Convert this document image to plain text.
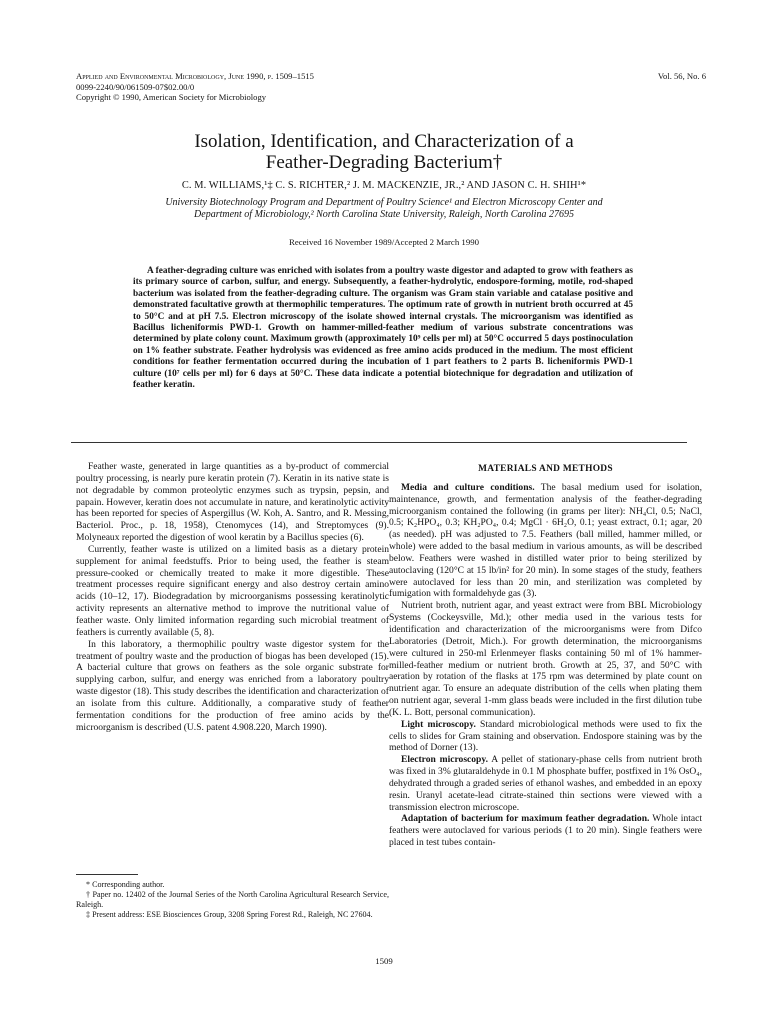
Applied and Environmental Microbiology, June 1990, p. 1509–1515
0099-2240/90/061509-07$02.00/0
Copyright © 1990, American Society for Microbiology
Vol. 56, No. 6
Isolation, Identification, and Characterization of a
Feather-Degrading Bacterium†
C. M. WILLIAMS,¹‡ C. S. RICHTER,² J. M. MACKENZIE, JR.,² AND JASON C. H. SHIH¹*
University Biotechnology Program and Department of Poultry Science¹ and Electron Microscopy Center and
Department of Microbiology,² North Carolina State University, Raleigh, North Carolina 27695
Received 16 November 1989/Accepted 2 March 1990

A feather-degrading culture was enriched with isolates from a poultry waste digestor and adapted to grow with feathers as its primary source of carbon, sulfur, and energy. Subsequently, a feather-hydrolytic, endospore-forming, motile, rod-shaped bacterium was isolated from the feather-degrading culture. The organism was Gram stain variable and catalase positive and demonstrated facultative growth at thermophilic temperatures. The optimum rate of growth in nutrient broth occurred at 45 to 50°C and at pH 7.5. Electron microscopy of the isolate showed internal crystals. The microorganism was identified as Bacillus licheniformis PWD-1. Growth on hammer-milled-feather medium of various substrate concentrations was determined by plate colony count. Maximum growth (approximately 10⁹ cells per ml) at 50°C occurred 5 days postinoculation on 1% feather substrate. Feather hydrolysis was evidenced as free amino acids produced in the medium. The most efficient conditions for feather fermentation occurred during the incubation of 1 part feathers to 2 parts B. licheniformis PWD-1 culture (10⁷ cells per ml) for 6 days at 50°C. These data indicate a potential biotechnique for degradation and utilization of feather keratin.

Feather waste, generated in large quantities as a by-product of commercial poultry processing, is nearly pure keratin protein (7). Keratin in its native state is not degradable by common proteolytic enzymes such as trypsin, pepsin, and papain. However, keratin does not accumulate in nature, and keratinolytic activity has been reported for species of Aspergillus (W. Koh, A. Santro, and R. Messing, Bacteriol. Proc., p. 18, 1958), Ctenomyces (14), and Streptomyces (9). Molyneaux reported the digestion of wool keratin by a Bacillus species (6).

Currently, feather waste is utilized on a limited basis as a dietary protein supplement for animal feedstuffs. Prior to being used, the feather is steam pressure-cooked or chemically treated to make it more digestible. These treatment processes require significant energy and also destroy certain amino acids (10–12, 17). Biodegradation by microorganisms possessing keratinolytic activity represents an alternative method to improve the nutritional value of feather waste. Only limited information regarding such microbial treatment of feathers is currently available (5, 8).

In this laboratory, a thermophilic poultry waste digestor system for the treatment of poultry waste and the production of biogas has been developed (15). A bacterial culture that grows on feathers as the sole organic substrate for supplying carbon, sulfur, and energy was enriched from a laboratory poultry waste digestor (18). This study describes the identification and characterization of an isolate from this culture. Additionally, a comparative study of feather fermentation conditions for the production of free amino acids by the microorganism is described (U.S. patent 4.908.220, March 1990).

* Corresponding author.

† Paper no. 12402 of the Journal Series of the North Carolina Agricultural Research Service, Raleigh.

‡ Present address: ESE Biosciences Group, 3208 Spring Forest Rd., Raleigh, NC 27604.

MATERIALS AND METHODS

Media and culture conditions. The basal medium used for isolation, maintenance, growth, and fermentation analysis of the feather-degrading microorganism contained the following (in grams per liter): NH₄Cl, 0.5; NaCl, 0.5; K₂HPO₄, 0.3; KH₂PO₄, 0.4; MgCl · 6H₂O, 0.1; yeast extract, 0.1; agar, 20 (as needed). pH was adjusted to 7.5. Feathers (ball milled, hammer milled, or whole) were added to the basal medium in various amounts, as will be described below. Feathers were washed in distilled water prior to being sterilized by autoclaving (120°C at 15 lb/in² for 20 min). In some stages of the study, feathers were autoclaved for less than 20 min, and sterilization was completed by fumigation with formaldehyde gas (3).

Nutrient broth, nutrient agar, and yeast extract were from BBL Microbiology Systems (Cockeysville, Md.); other media used in the various tests for identification and characterization of the microorganisms were from Difco Laboratories (Detroit, Mich.). For growth determination, the microorganisms were cultured in 250-ml Erlenmeyer flasks containing 50 ml of 1% hammer-milled-feather medium or nutrient broth. Growth at 25, 37, and 50°C with aeration by rotation of the flasks at 175 rpm was determined by plate count on nutrient agar. To ensure an adequate distribution of the cells when plating them on nutrient agar, several 1-mm glass beads were included in the first dilution tube (K. L. Bott, personal communication).

Light microscopy. Standard microbiological methods were used to fix the cells to slides for Gram staining and observation. Endospore staining was by the method of Dorner (13).

Electron microscopy. A pellet of stationary-phase cells from nutrient broth was fixed in 3% glutaraldehyde in 0.1 M phosphate buffer, postfixed in 1% OsO₄, dehydrated through a graded series of ethanol washes, and embedded in an epoxy resin. Uranyl acetate-lead citrate-stained thin sections were viewed with a transmission electron microscope.

Adaptation of bacterium for maximum feather degradation. Whole intact feathers were autoclaved for various periods (1 to 20 min). Single feathers were placed in test tubes contain-

1509
